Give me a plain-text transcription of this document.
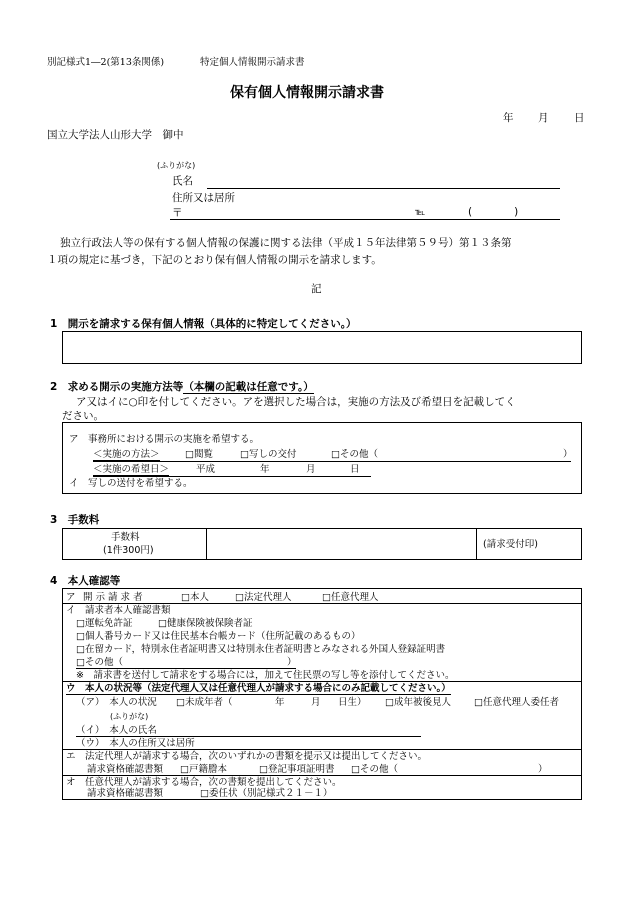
別記様式1―2(第13条関係)	特定個人情報開示請求書
保有個人情報開示請求書
年 月 日
国立大学法人山形大学　御中
(ふりがな)
氏名
住所又は居所
〒	℡	(　　　　)
独立行政法人等の保有する個人情報の保護に関する法律（平成１５年法律第５９号）第１３条第
１項の規定に基づき，下記のとおり保有個人情報の開示を請求します。
記
1　開示を請求する保有個人情報（具体的に特定してください。）
2　求める開示の実施方法等（本欄の記載は任意です。）
ア又はイに○印を付してください。アを選択した場合は，実施の方法及び希望日を記載してく
ださい。
ア　事務所における開示の実施を希望する。
＜実施の方法＞	□閲覧	□写しの交付	□その他（	）
＜実施の希望日＞	平成	年	月	日
イ　写しの送付を希望する。
3　手数料
手数料
(1件300円)
(請求受付印)
4　本人確認等
ア 開 示 請 求 者	□本人	□法定代理人	□任意代理人
イ　請求者本人確認書類
□運転免許証	□健康保険被保険者証
□個人番号カード又は住民基本台帳カード（住所記載のあるもの）
□在留カード，特別永住者証明書又は特別永住者証明書とみなされる外国人登録証明書
□その他（	）
※　請求書を送付して請求をする場合には，加えて住民票の写し等を添付してください。
ウ　本人の状況等（法定代理人又は任意代理人が請求する場合にのみ記載してください。）
（ア）　本人の状況 □未成年者（	年	月 日生） □成年被後見人 □任意代理人委任者
(ふりがな)
（イ）　本人の氏名
（ウ）　本人の住所又は居所
エ　法定代理人が請求する場合，次のいずれかの書類を提示又は提出してください。
請求資格確認書類 □戸籍謄本	□登記事項証明書 □その他（	）
オ　任意代理人が請求する場合，次の書類を提出してください。
請求資格確認書類	□委任状（別記様式２１－１）
